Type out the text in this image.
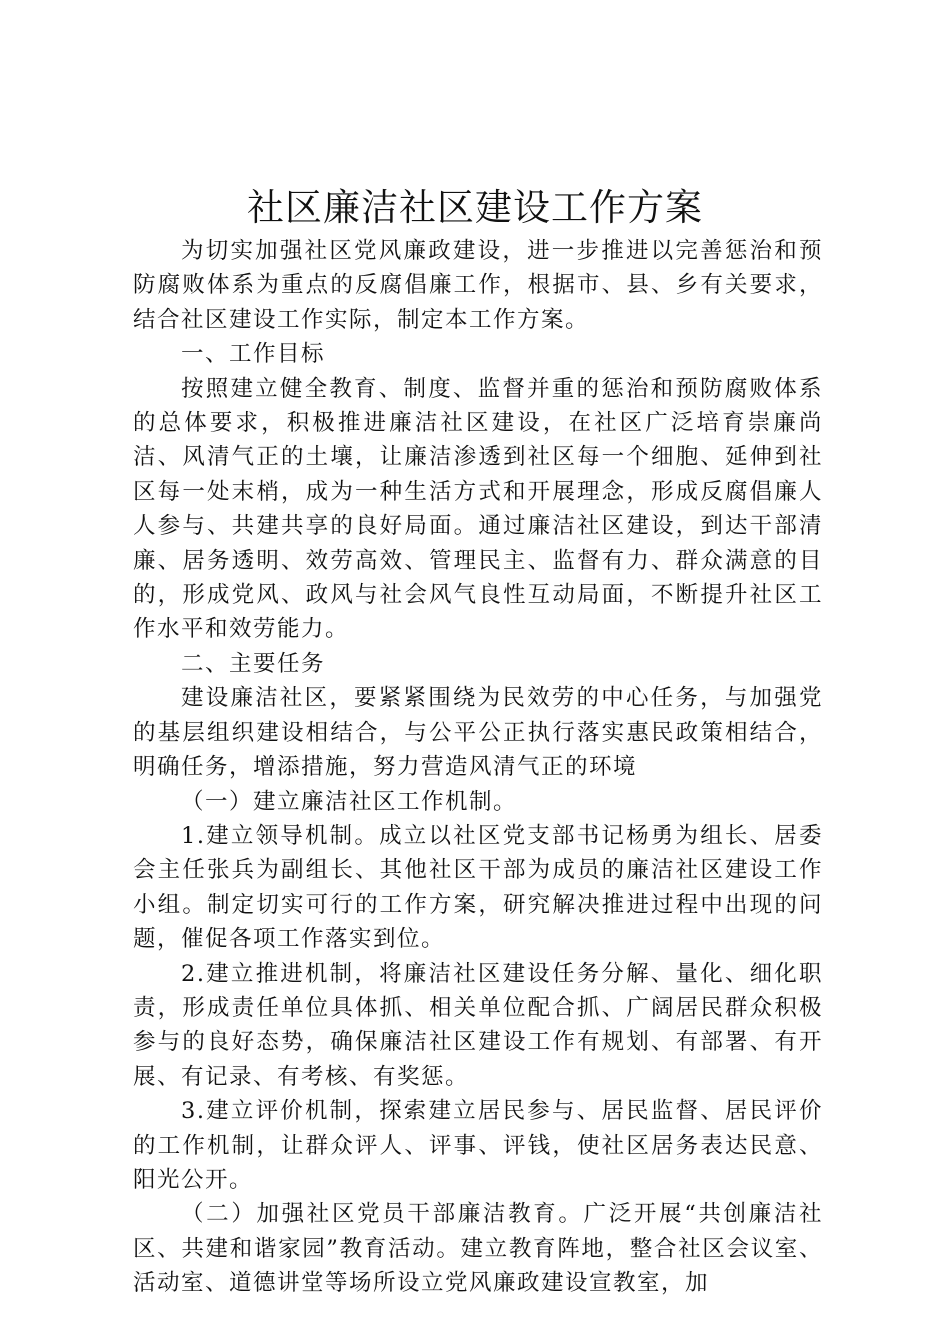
社区廉洁社区建设工作方案

为切实加强社区党风廉政建设，进一步推进以完善惩治和预防腐败体系为重点的反腐倡廉工作，根据市、县、乡有关要求，结合社区建设工作实际，制定本工作方案。

一、工作目标

按照建立健全教育、制度、监督并重的惩治和预防腐败体系的总体要求，积极推进廉洁社区建设，在社区广泛培育崇廉尚洁、风清气正的土壤，让廉洁渗透到社区每一个细胞、延伸到社区每一处末梢，成为一种生活方式和开展理念，形成反腐倡廉人人参与、共建共享的良好局面。通过廉洁社区建设，到达干部清廉、居务透明、效劳高效、管理民主、监督有力、群众满意的目的，形成党风、政风与社会风气良性互动局面，不断提升社区工作水平和效劳能力。

二、主要任务

建设廉洁社区，要紧紧围绕为民效劳的中心任务，与加强党的基层组织建设相结合，与公平公正执行落实惠民政策相结合，明确任务，增添措施，努力营造风清气正的环境

（一）建立廉洁社区工作机制。

1.建立领导机制。成立以社区党支部书记杨勇为组长、居委会主任张兵为副组长、其他社区干部为成员的廉洁社区建设工作小组。制定切实可行的工作方案，研究解决推进过程中出现的问题，催促各项工作落实到位。

2.建立推进机制，将廉洁社区建设任务分解、量化、细化职责，形成责任单位具体抓、相关单位配合抓、广阔居民群众积极参与的良好态势，确保廉洁社区建设工作有规划、有部署、有开展、有记录、有考核、有奖惩。

3.建立评价机制，探索建立居民参与、居民监督、居民评价的工作机制，让群众评人、评事、评钱，使社区居务表达民意、阳光公开。

（二）加强社区党员干部廉洁教育。广泛开展“共创廉洁社区、共建和谐家园”教育活动。建立教育阵地，整合社区会议室、活动室、道德讲堂等场所设立党风廉政建设宣教室，加
